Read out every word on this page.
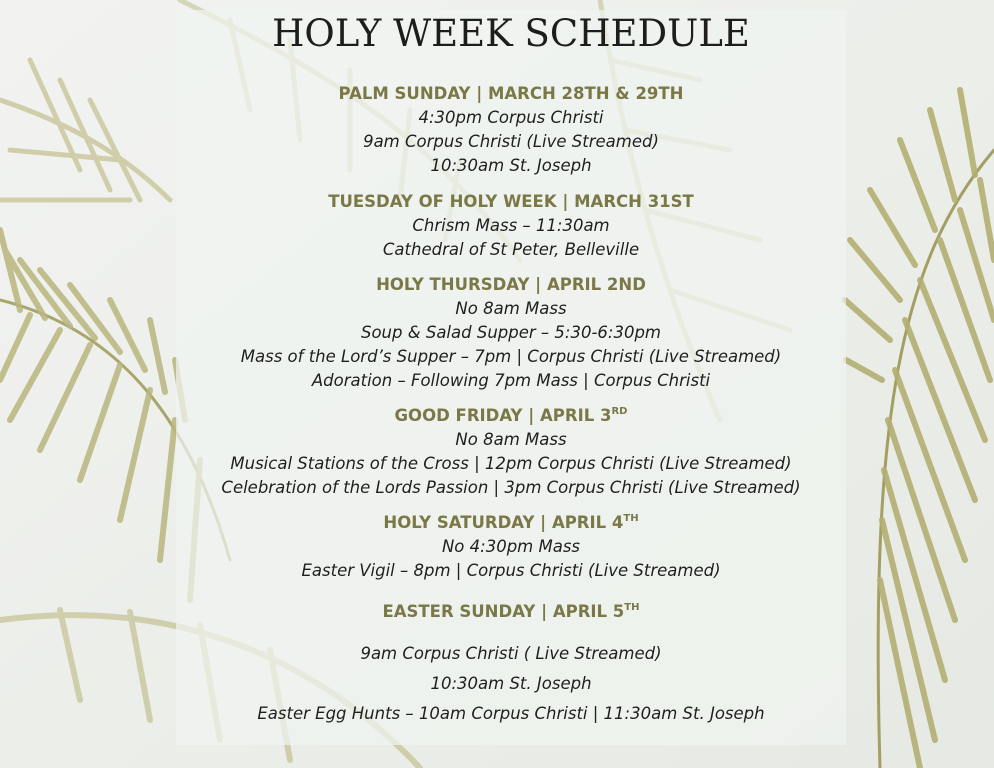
HOLY WEEK SCHEDULE
PALM SUNDAY | MARCH 28TH & 29TH
4:30pm Corpus Christi
9am Corpus Christi (Live Streamed)
10:30am St. Joseph
TUESDAY OF HOLY WEEK | MARCH 31ST
Chrism Mass – 11:30am
Cathedral of St Peter, Belleville
HOLY THURSDAY | APRIL 2ND
No 8am Mass
Soup & Salad Supper – 5:30-6:30pm
Mass of the Lord’s Supper – 7pm | Corpus Christi (Live Streamed)
Adoration – Following 7pm Mass | Corpus Christi
GOOD FRIDAY | APRIL 3RD
No 8am Mass
Musical Stations of the Cross | 12pm Corpus Christi (Live Streamed)
Celebration of the Lords Passion | 3pm Corpus Christi (Live Streamed)
HOLY SATURDAY | APRIL 4TH
No 4:30pm Mass
Easter Vigil – 8pm | Corpus Christi (Live Streamed)
EASTER SUNDAY | APRIL 5TH
9am Corpus Christi ( Live Streamed)
10:30am St. Joseph
Easter Egg Hunts – 10am Corpus Christi | 11:30am St. Joseph
